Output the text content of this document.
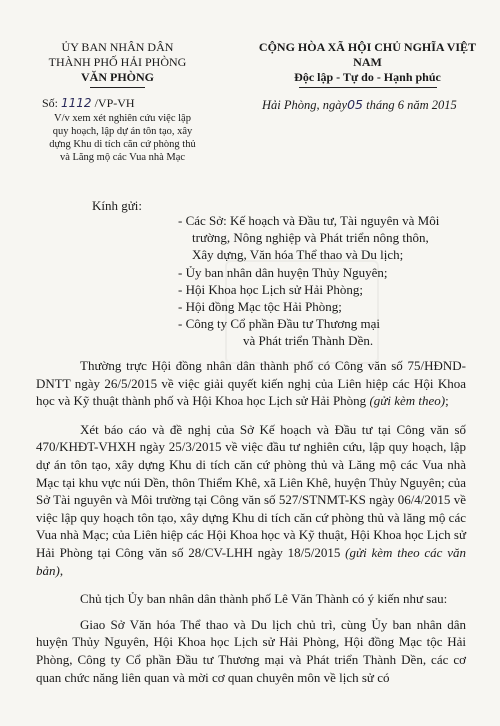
ỦY BAN NHÂN DÂN
THÀNH PHỐ HẢI PHÒNG
VĂN PHÒNG
CỘNG HÒA XÃ HỘI CHỦ NGHĨA VIỆT NAM
Độc lập - Tự do - Hạnh phúc
Số: 1112 /VP-VH	Hải Phòng, ngày05 tháng 6 năm 2015
V/v xem xét nghiên cứu việc lập
quy hoạch, lập dự án tôn tạo, xây
dựng Khu di tích căn cứ phòng thủ
và Lăng mộ các Vua nhà Mạc
Kính gửi:
- Các Sở: Kế hoạch và Đầu tư, Tài nguyên và Môi
trường, Nông nghiệp và Phát triển nông thôn,
Xây dựng, Văn hóa Thể thao và Du lịch;
- Ủy ban nhân dân huyện Thủy Nguyên;
- Hội Khoa học Lịch sử Hải Phòng;
- Hội đồng Mạc tộc Hải Phòng;
- Công ty Cổ phần Đầu tư Thương mại
và Phát triển Thành Dền.

Thường trực Hội đồng nhân dân thành phố có Công văn số 75/HĐND-DNTT ngày 26/5/2015 về việc giải quyết kiến nghị của Liên hiệp các Hội Khoa học và Kỹ thuật thành phố và Hội Khoa học Lịch sử Hải Phòng (gửi kèm theo);

Xét báo cáo và đề nghị của Sở Kế hoạch và Đầu tư tại Công văn số 470/KHĐT-VHXH ngày 25/3/2015 về việc đầu tư nghiên cứu, lập quy hoạch, lập dự án tôn tạo, xây dựng Khu di tích căn cứ phòng thủ và Lăng mộ các Vua nhà Mạc tại khu vực núi Dền, thôn Thiểm Khê, xã Liên Khê, huyện Thủy Nguyên; của Sở Tài nguyên và Môi trường tại Công văn số 527/STNMT-KS ngày 06/4/2015 về việc lập quy hoạch tôn tạo, xây dựng Khu di tích căn cứ phòng thủ và lăng mộ các Vua nhà Mạc; của Liên hiệp các Hội Khoa học và Kỹ thuật, Hội Khoa học Lịch sử Hải Phòng tại Công văn số 28/CV-LHH ngày 18/5/2015 (gửi kèm theo các văn bản),

Chủ tịch Ủy ban nhân dân thành phố Lê Văn Thành có ý kiến như sau:

Giao Sở Văn hóa Thể thao và Du lịch chủ trì, cùng Ủy ban nhân dân huyện Thủy Nguyên, Hội Khoa học Lịch sử Hải Phòng, Hội đồng Mạc tộc Hải Phòng, Công ty Cổ phần Đầu tư Thương mại và Phát triển Thành Dền, các cơ quan chức năng liên quan và mời cơ quan chuyên môn về lịch sử có
